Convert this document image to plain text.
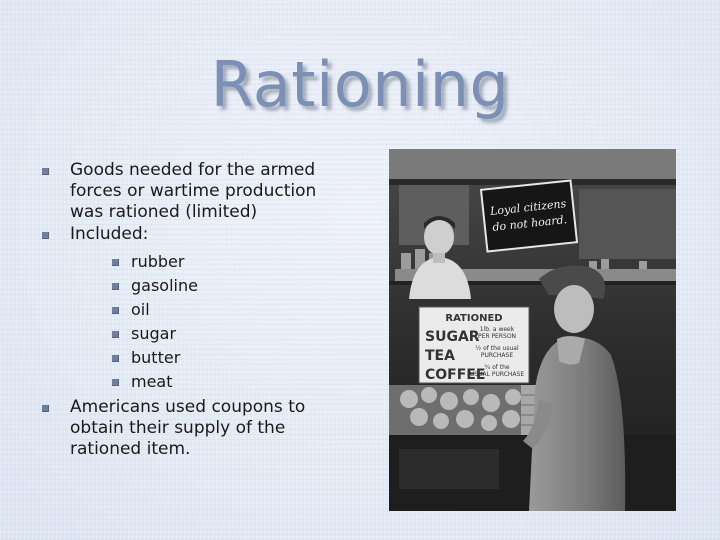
Rationing
Goods needed for the armed forces or wartime production was rationed (limited)
Included:
rubber
gasoline
oil
sugar
butter
meat
Americans used coupons to obtain their supply of the rationed item.
Loyal citizens
do not hoard.
RATIONED
SUGAR
TEA
COFFEE
1lb. a week
PER PERSON
½ of the usual
PURCHASE
¾ of the
USUAL PURCHASE
